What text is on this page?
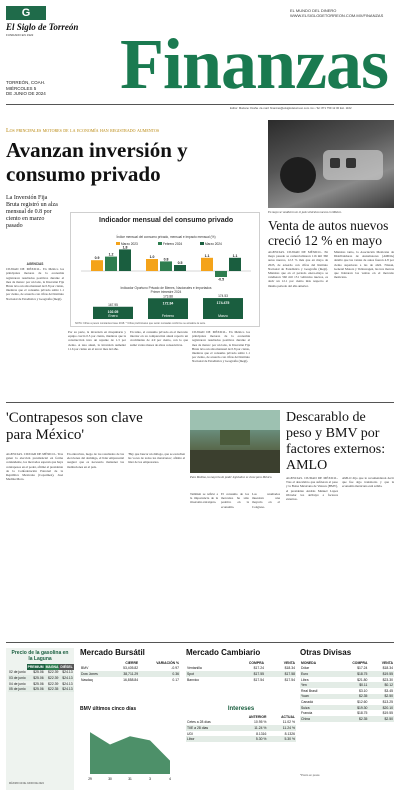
G
El Siglo de Torreón
FUNDADO EN 1922
TORREÓN, COAH.
MIÉRCOLES 5
DE JUNIO DE 2024 Finanzas
EL MUNDO DEL DINERO
WWW.ELSIGLODETORREON.COM.MX/FINANZAS
Editor: Mariano Ocaña • E-mail: finanzas@elsiglodetorreon.com.mx • Tel: 871 759 12 00 Ext. 1162
Los principales motores de la economía han registrado aumentos
Avanzan inversión y consumo privado
La Inversión Fija Bruta registró un alza mensual de 0.8 por ciento en marzo pasado

AGENCIAS

CIUDAD DE MÉXICO.- En México los principales motores de la economía registraron resultados positivos durante el mes de marzo: por un lado, la Inversión Fija Bruta tuvo un alza mensual de 0.8 por ciento, mientras que el consumo privado subió 1.1 por ciento, de acuerdo con cifras del Instituto Nacional de Estadística y Geografía (Inegi).

Por su parte, la inversión en maquinaria y equipo creció 0.5 por ciento, mientras que la construcción tuvo un repunte de 1.3 por ciento. A tasa anual, la inversión aumentó 11.6 por ciento en el tercer mes del año.

En tanto, el consumo privado en el mercado interior en su comparación anual reportó un crecimiento de 4.9 por ciento, con lo que sumó varios meses de alzas consecutivas.

CIUDAD DE MÉXICO.- En México los principales motores de la economía registraron resultados positivos durante el mes de marzo: por un lado, la Inversión Fija Bruta tuvo un alza mensual de 0.8 por ciento, mientras que el consumo privado subió 1.1 por ciento, de acuerdo con cifras del Instituto Nacional de Estadística y Geografía (Inegi).

0.9
1.2
1.8
1.0
0.8
0.5
1.1
-0.5
1.1
Marzo 2023	Febrero 2024	Marzo 2024
102.05
167.95
Enero
172.84
173.88
Febrero
174.475
174.53
Marzo
Indicador mensual del consumo privado
Índice mensual del consumo privado, mensual e impacto mensual (%)
Indicador Oportuno Privado de Bienes, Nacionales e Importados
Primer trimestre 2024
NOTA: Cifras a pesos constantes base 2018. * Cifras preliminares que serán revisadas conforme se actualice la serie.
En mayo se vendieron en el país vehículos nuevos en México.
Venta de autos nuevos creció 12 % en mayo

AGENCIAS. CIUDAD DE MÉXICO.- En mayo pasado se comercializaron 116 mil 360 autos nuevos, 12.3 % más que en mayo de 2023, de acuerdo con cifras del Instituto Nacional de Estadística y Geografía (Inegi). Mientras que en el periodo enero-mayo se vendieron 560 mil 151 vehículos nuevos, es decir un 12.1 por ciento más respecto al mismo periodo del año anterior.

Mientras tanto, la Asociación Mexicana de Distribuidores de Automotores (AMDA) detalló que las ventas de autos fueron 4.8 por ciento superiores a las de abril. Nissan, General Motors y Volkswagen, las tres marcas que lideraron las ventas en el mercado mexicano.

'Contrapesos son clave para México'

AGENCIAS. CIUDAD DE MÉXICO.- Tras ganar la elección presidencial en forma contundente, los mercados esperan que haya contrapesos en el poder, afirmó el presidente de la Confederación Patronal de la República Mexicana (Coparmex), José Medina Mora.

En entrevista, luego de los resultados de las elecciones del domingo, el líder empresarial aseguró que es necesario mantener las instituciones en el país.

'Hay que buscar un diálogo, que se escuchen las voces de todos los mexicanos', afirmó el líder de los empresarios.

Para Medina, la mayoría de poder legislativo es clave para México.

También se refirió a la importancia de la inversión extranjera.

El consumo de los mercados ha sido positivo en la economía.

Los resultados muestran una mayoría en el Congreso.

Descarablo de peso y BMV por factores externos: AMLO

AGENCIAS. CIUDAD DE MÉXICO.- Tras el descalabro que sufrieron el peso y la Bolsa Mexicana de Valores (BMV), el presidente Andrés Manuel López Obrador los atribuyó a factores externos.

AMLO dijo que le recomendaron decir que fue algo transitorio y que la economía mexicana está sólida.

Precio de la gasolina en la Laguna
	PREMIUM	MAGNA	DIÉSEL
02 de junio	$25.06	$22.39	$24.13
03 de junio	$25.06	$22.39	$24.13
04 de junio	$25.06	$22.39	$24.13
05 de junio	$25.06	$22.35	$24.13
MÁXIMO 04 DE JUNIO DE 2024
Mercado Bursátil
	CIERRE	VARIACIÓN %
BMV	53,405.82	-0.97
Dow Jones	38,711.29	0.36
Nasdaq	16,858.84	0.17
BMV últimos cinco días
29	30	31	3	4
Mercado Cambiario
	COMPRA	VENTA
Ventanilla	$17.24	$18.34
Spot	$17.55	$17.58
Banxico	$17.54	$17.54
Intereses
	ANTERIOR	ACTUAL
Cetes a 28 días	10.95 %	11.02 %
TIIE a 28 días	11.24 %	11.24 %
UDI	8.1316	8.1326
Libor	5.30 %	5.30 %
Otras Divisas
MONEDA	COMPRA	VENTA
Dólar	$17.24	$18.34
Euro	$18.75	$19.55
Libra	$21.80	$23.30
Yen	$0.11	$0.12
Real Brasil	$3.10	$3.45
Yuan	$2.35	$2.50
Canadá	$12.60	$13.25
Suiza	$19.30	$20.10
Francia	$18.75	$19.55
China	$2.35	$2.50
*Precio en pesos
